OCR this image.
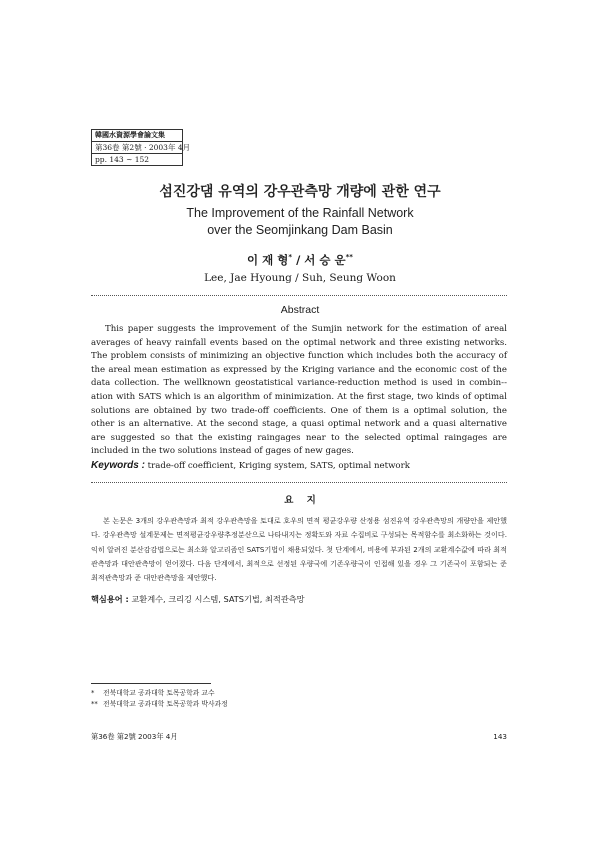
韓國水資源學會論文集
第36卷 第2號 · 2003年 4月
pp. 143 ~ 152
섬진강댐 유역의 강우관측망 개량에 관한 연구
The Improvement of the Rainfall Network
over the Seomjinkang Dam Basin
이 재 형* / 서 승 운**
Lee, Jae Hyoung / Suh, Seung Woon
Abstract

This paper suggests the improvement of the Sumjin network for the estimation of areal averages of heavy rainfall events based on the optimal network and three existing networks. The problem consists of minimizing an objective function which includes both the accuracy of the areal mean estimation as expressed by the Kriging variance and the economic cost of the data collection. The wellknown geostatistical variance-reduction method is used in combin-- ation with SATS which is an algorithm of minimization. At the first stage, two kinds of optimal solutions are obtained by two trade-off coefficients. One of them is a optimal solution, the other is an alternative. At the second stage, a quasi optimal network and a quasi alternative are suggested so that the existing raingages near to the selected optimal raingages are included in the two solutions instead of gages of new gages.

Keywords : trade-off coefficient, Kriging system, SATS, optimal network
요    지

본 논문은 3개의 강우관측망과 최적 강우관측망을 토대로 호우의 면적 평균강우량 산정용 섬진유역 강우관측망의 개량안을 제안했다. 강우관측망 설계문제는 면적평균강우량추정분산으로 나타내지는 정확도와 자료 수집비로 구성되는 목적함수를 최소화하는 것이다. 익히 알려진 분산감감법으로는 최소화 알고리즘인 SATS기법이 채용되었다. 첫 단계에서, 비용에 부과된 2개의 교환계수값에 따라 최적 관측망과 대안관측망이 얻어졌다. 다음 단계에서, 최적으로 선정된 우량국에 기존우량국이 인접해 있을 경우 그 기존국이 포함되는 준 최적관측망과 준 대안관측망을 제안했다.

핵심용어 : 교환계수, 크리깅 시스템, SATS기법, 최적관측망
* 전북대학교 공과대학 토목공학과 교수
** 전북대학교 공과대학 토목공학과 박사과정
第36卷 第2號 2003年 4月	143
